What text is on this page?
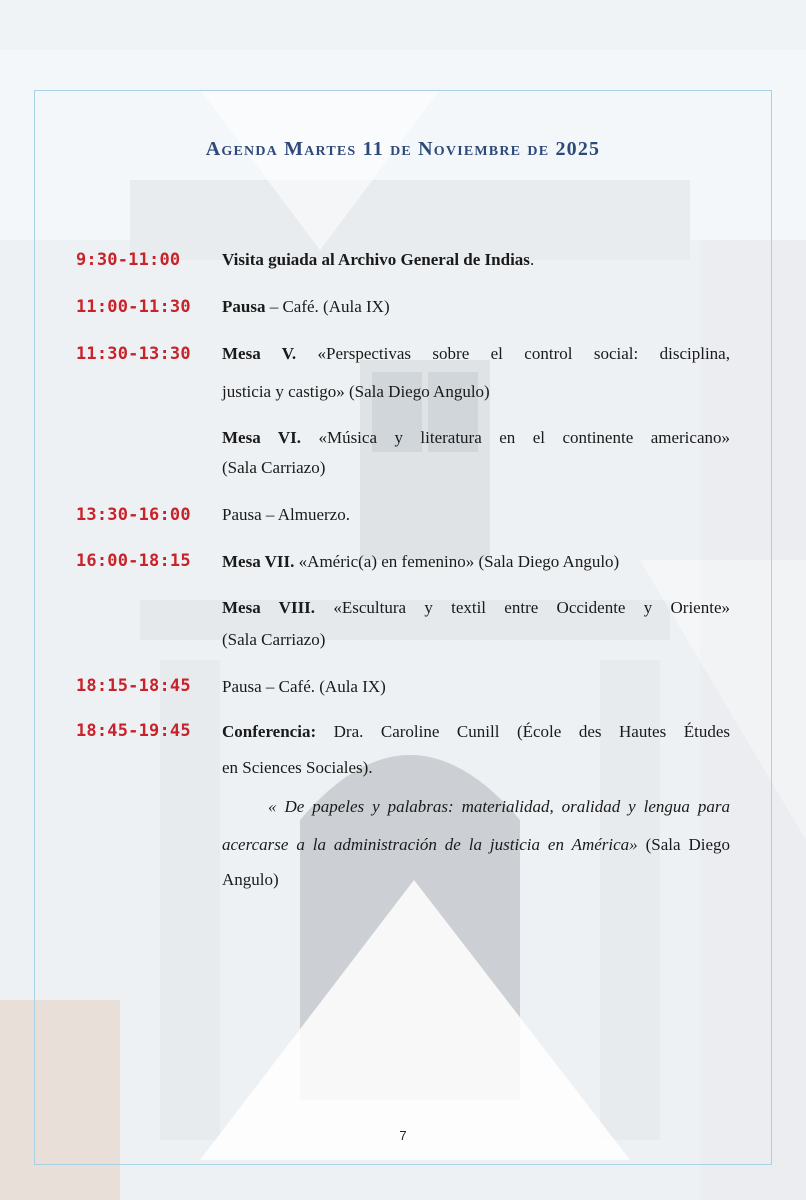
Agenda Martes 11 de Noviembre de 2025
9:30-11:00 Visita guiada al Archivo General de Indias.
11:00-11:30 Pausa – Café. (Aula IX)
11:30-13:30 Mesa V. «Perspectivas sobre el control social: disciplina,
justicia y castigo» (Sala Diego Angulo)
Mesa VI. «Música y literatura en el continente americano»
(Sala Carriazo)
13:30-16:00 Pausa – Almuerzo.
16:00-18:15 Mesa VII. «Améric(a) en femenino» (Sala Diego Angulo)
Mesa VIII. «Escultura y textil entre Occidente y Oriente»
(Sala Carriazo)
18:15-18:45 Pausa – Café. (Aula IX)
18:45-19:45 Conferencia: Dra. Caroline Cunill (École des Hautes Études
en Sciences Sociales).
« De papeles y palabras: materialidad, oralidad y lengua para
acercarse a la administración de la justicia en América» (Sala Diego
Angulo)
7
